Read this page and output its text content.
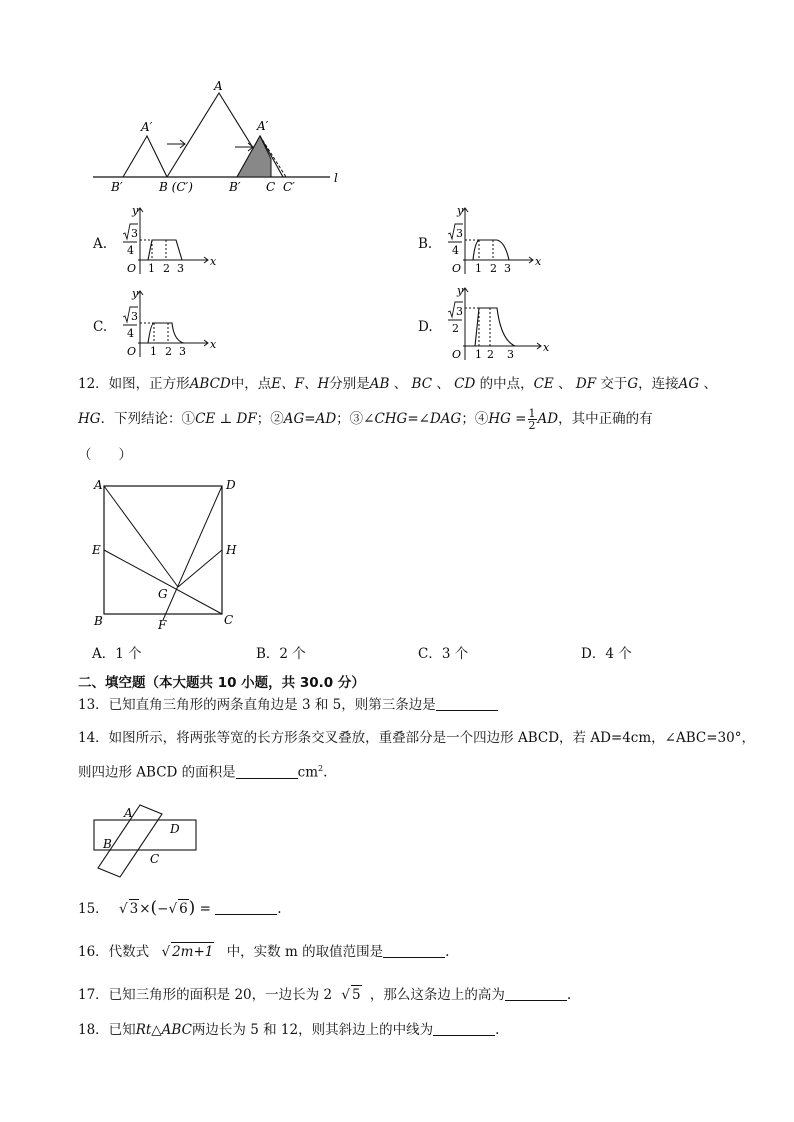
A
A′	A′
B′	B (C′)	B′ C C′
l
A.
y
3
4
O 1 2 3
x
B.
y
3
4
O 1 2 3
x
C.
y
3
4
O 1 2 3
x
D.
y
3
2
O 1 2 3
x
12．如图，正方形ABCD中，点E、F、H分别是AB 、 BC 、 CD 的中点，CE 、 DF 交于G，连接AG 、
HG．下列结论：①CE ⊥ DF；②AG=AD；③∠CHG=∠DAG；④HG = $\frac{1}{2}$ AD，其中正确的有
（　　）
A	D
E	H
G
B	F	C
A．1 个	B．2 个	C．3 个	D．4 个
二、填空题（本大题共 10 小题，共 30.0 分）
13．已知直角三角形的两条直角边是 3 和 5，则第三条边是
14．如图所示，将两张等宽的长方形条交叉叠放，重叠部分是一个四边形 ABCD，若 AD=4cm，∠ABC=30°，
则四边形 ABCD 的面积是	$cm^2$.
A
D
B
C
15． √ 3×(−√ 6) =	.
16．代数式 √ 2m+1 中，实数 m 的取值范围是	.
17．已知三角形的面积是 20，一边长为 2 √ 5 ，那么这条边上的高为	.
18．已知Rt△ABC两边长为 5 和 12，则其斜边上的中线为	.
